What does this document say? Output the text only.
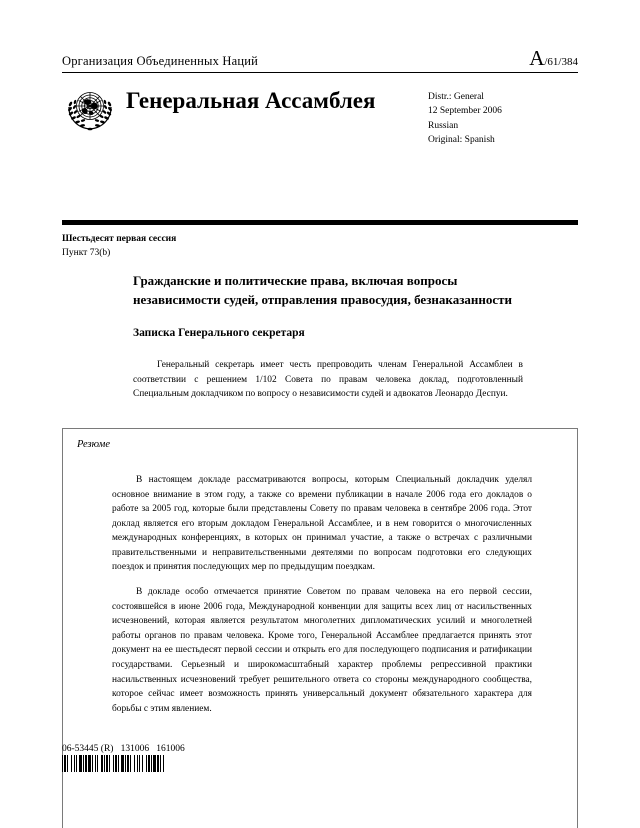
Организация Объединенных Наций	A/61/384
Генеральная Ассамблея	Distr.: General
12 September 2006
Russian
Original: Spanish
Шестьдесят первая сессия
Пункт 73(b)
Гражданские и политические права, включая вопросы независимости судей, отправления правосудия, безнаказанности
Записка Генерального секретаря

Генеральный секретарь имеет честь препроводить членам Генеральной Ассамблеи в соответствии с решением 1/102 Совета по правам человека доклад, подготовленный Специальным докладчиком по вопросу о независимости судей и адвокатов Леонардо Деспуи.

Резюме

В настоящем докладе рассматриваются вопросы, которым Специальный докладчик уделял основное внимание в этом году, а также со времени публикации в начале 2006 года его докладов о работе за 2005 год, которые были представлены Совету по правам человека в сентябре 2006 года. Этот доклад является его вторым докладом Генеральной Ассамблее, и в нем говорится о многочисленных международных конференциях, в которых он принимал участие, а также о встречах с различными правительственными и неправительственными деятелями по вопросам подготовки его следующих поездок и принятия последующих мер по предыдущим поездкам.

В докладе особо отмечается принятие Советом по правам человека на его первой сессии, состоявшейся в июне 2006 года, Международной конвенции для защиты всех лиц от насильственных исчезновений, которая является результатом многолетних дипломатических усилий и многолетней работы органов по правам человека. Кроме того, Генеральной Ассамблее предлагается принять этот документ на ее шестьдесят первой сессии и открыть его для последующего подписания и ратификации государствами. Серьезный и широкомасштабный характер проблемы репрессивной практики насильственных исчезновений требует решительного ответа со стороны международного сообщества, которое сейчас имеет возможность принять универсальный документ обязательного характера для борьбы с этим явлением.

06-53445 (R)   131006   161006
